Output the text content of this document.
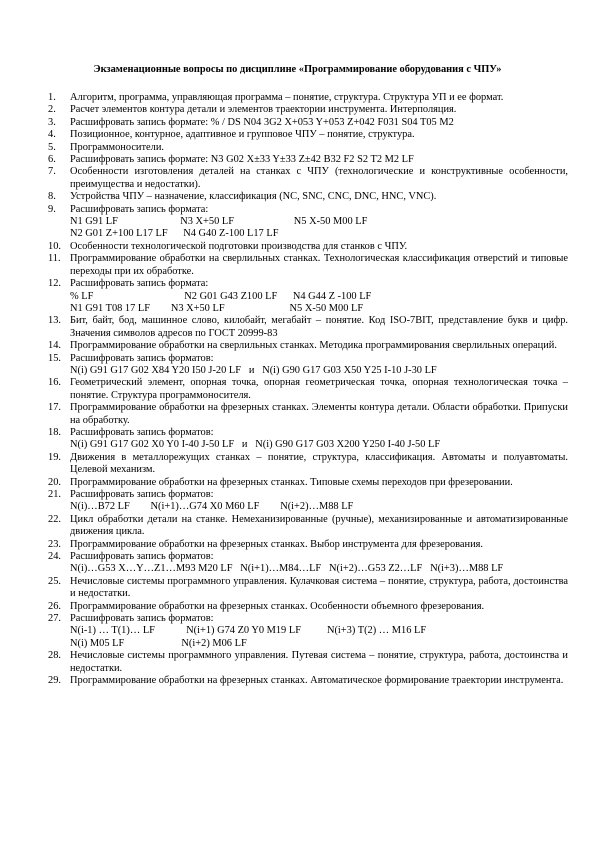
Экзаменационные вопросы по дисциплине «Программирование оборудования с ЧПУ»
1. Алгоритм, программа, управляющая программа – понятие, структура. Структура УП и ее формат.
2. Расчет элементов контура детали и элементов траектории инструмента. Интерполяция.
3. Расшифровать запись формате: % / DS N04 3G2 X+053 Y+053 Z+042 F031 S04 T05 M2
4. Позиционное, контурное, адаптивное и групповое ЧПУ – понятие, структура.
5. Программоносители.
6. Расшифровать запись формате: N3 G02 X±33 Y±33 Z±42 B32 F2 S2 T2 M2 LF
7. Особенности изготовления деталей на станках с ЧПУ (технологические и конструктивные особенности, преимущества и недостатки).
8. Устройства ЧПУ – назначение, классификация (NC, SNC, CNC, DNC, HNC, VNC).
9. Расшифровать запись формата:
N1 G91 LF                        N3 X+50 LF                       N5 X-50 M00 LF
N2 G01 Z+100 L17 LF      N4 G40 Z-100 L17 LF
10. Особенности технологической подготовки производства для станков с ЧПУ.
11. Программирование обработки на сверлильных станках. Технологическая классификация отверстий и типовые переходы при их обработке.
12. Расшифровать запись формата:
% LF                                   N2 G01 G43 Z100 LF      N4 G44 Z -100 LF
N1 G91 T08 17 LF        N3 X+50 LF                         N5 X-50 M00 LF
13. Бит, байт, бод, машинное слово, килобайт, мегабайт – понятие. Код ISO-7BIT, представление букв и цифр. Значения символов адресов по ГОСТ 20999-83
14. Программирование обработки на сверлильных станках. Методика программирования сверлильных операций.
15. Расшифровать запись форматов:
N(i) G91 G17 G02 X84 Y20 I50 J-20 LF   и   N(i) G90 G17 G03 X50 Y25 I-10 J-30 LF
16. Геометрический элемент, опорная точка, опорная геометрическая точка, опорная технологическая точка – понятие. Структура программоносителя.
17. Программирование обработки на фрезерных станках. Элементы контура детали. Области обработки. Припуски на обработку.
18. Расшифровать запись форматов:
N(i) G91 G17 G02 X0 Y0 I-40 J-50 LF   и   N(i) G90 G17 G03 X200 Y250 I-40 J-50 LF
19. Движения в металлорежущих станках – понятие, структура, классификация. Автоматы и полуавтоматы. Целевой механизм.
20. Программирование обработки на фрезерных станках. Типовые схемы переходов при фрезеровании.
21. Расшифровать запись форматов:
N(i)…B72 LF        N(i+1)…G74 X0 M60 LF        N(i+2)…M88 LF
22. Цикл обработки детали на станке. Немеханизированные (ручные), механизированные и автоматизированные движения цикла.
23. Программирование обработки на фрезерных станках. Выбор инструмента для фрезерования.
24. Расшифровать запись форматов:
N(i)…G53 X…Y…Z1…M93 M20 LF   N(i+1)…M84…LF   N(i+2)…G53 Z2…LF   N(i+3)…M88 LF
25. Нечисловые системы программного управления. Кулачковая система – понятие, структура, работа, достоинства и недостатки.
26. Программирование обработки на фрезерных станках. Особенности объемного фрезерования.
27. Расшифровать запись форматов:
N(i-1) … T(1)… LF            N(i+1) G74 Z0 Y0 M19 LF          N(i+3) T(2) … M16 LF
N(i) M05 LF                      N(i+2) M06 LF
28. Нечисловые системы программного управления. Путевая система – понятие, структура, работа, достоинства и недостатки.
29. Программирование обработки на фрезерных станках. Автоматическое формирование траектории инструмента.
